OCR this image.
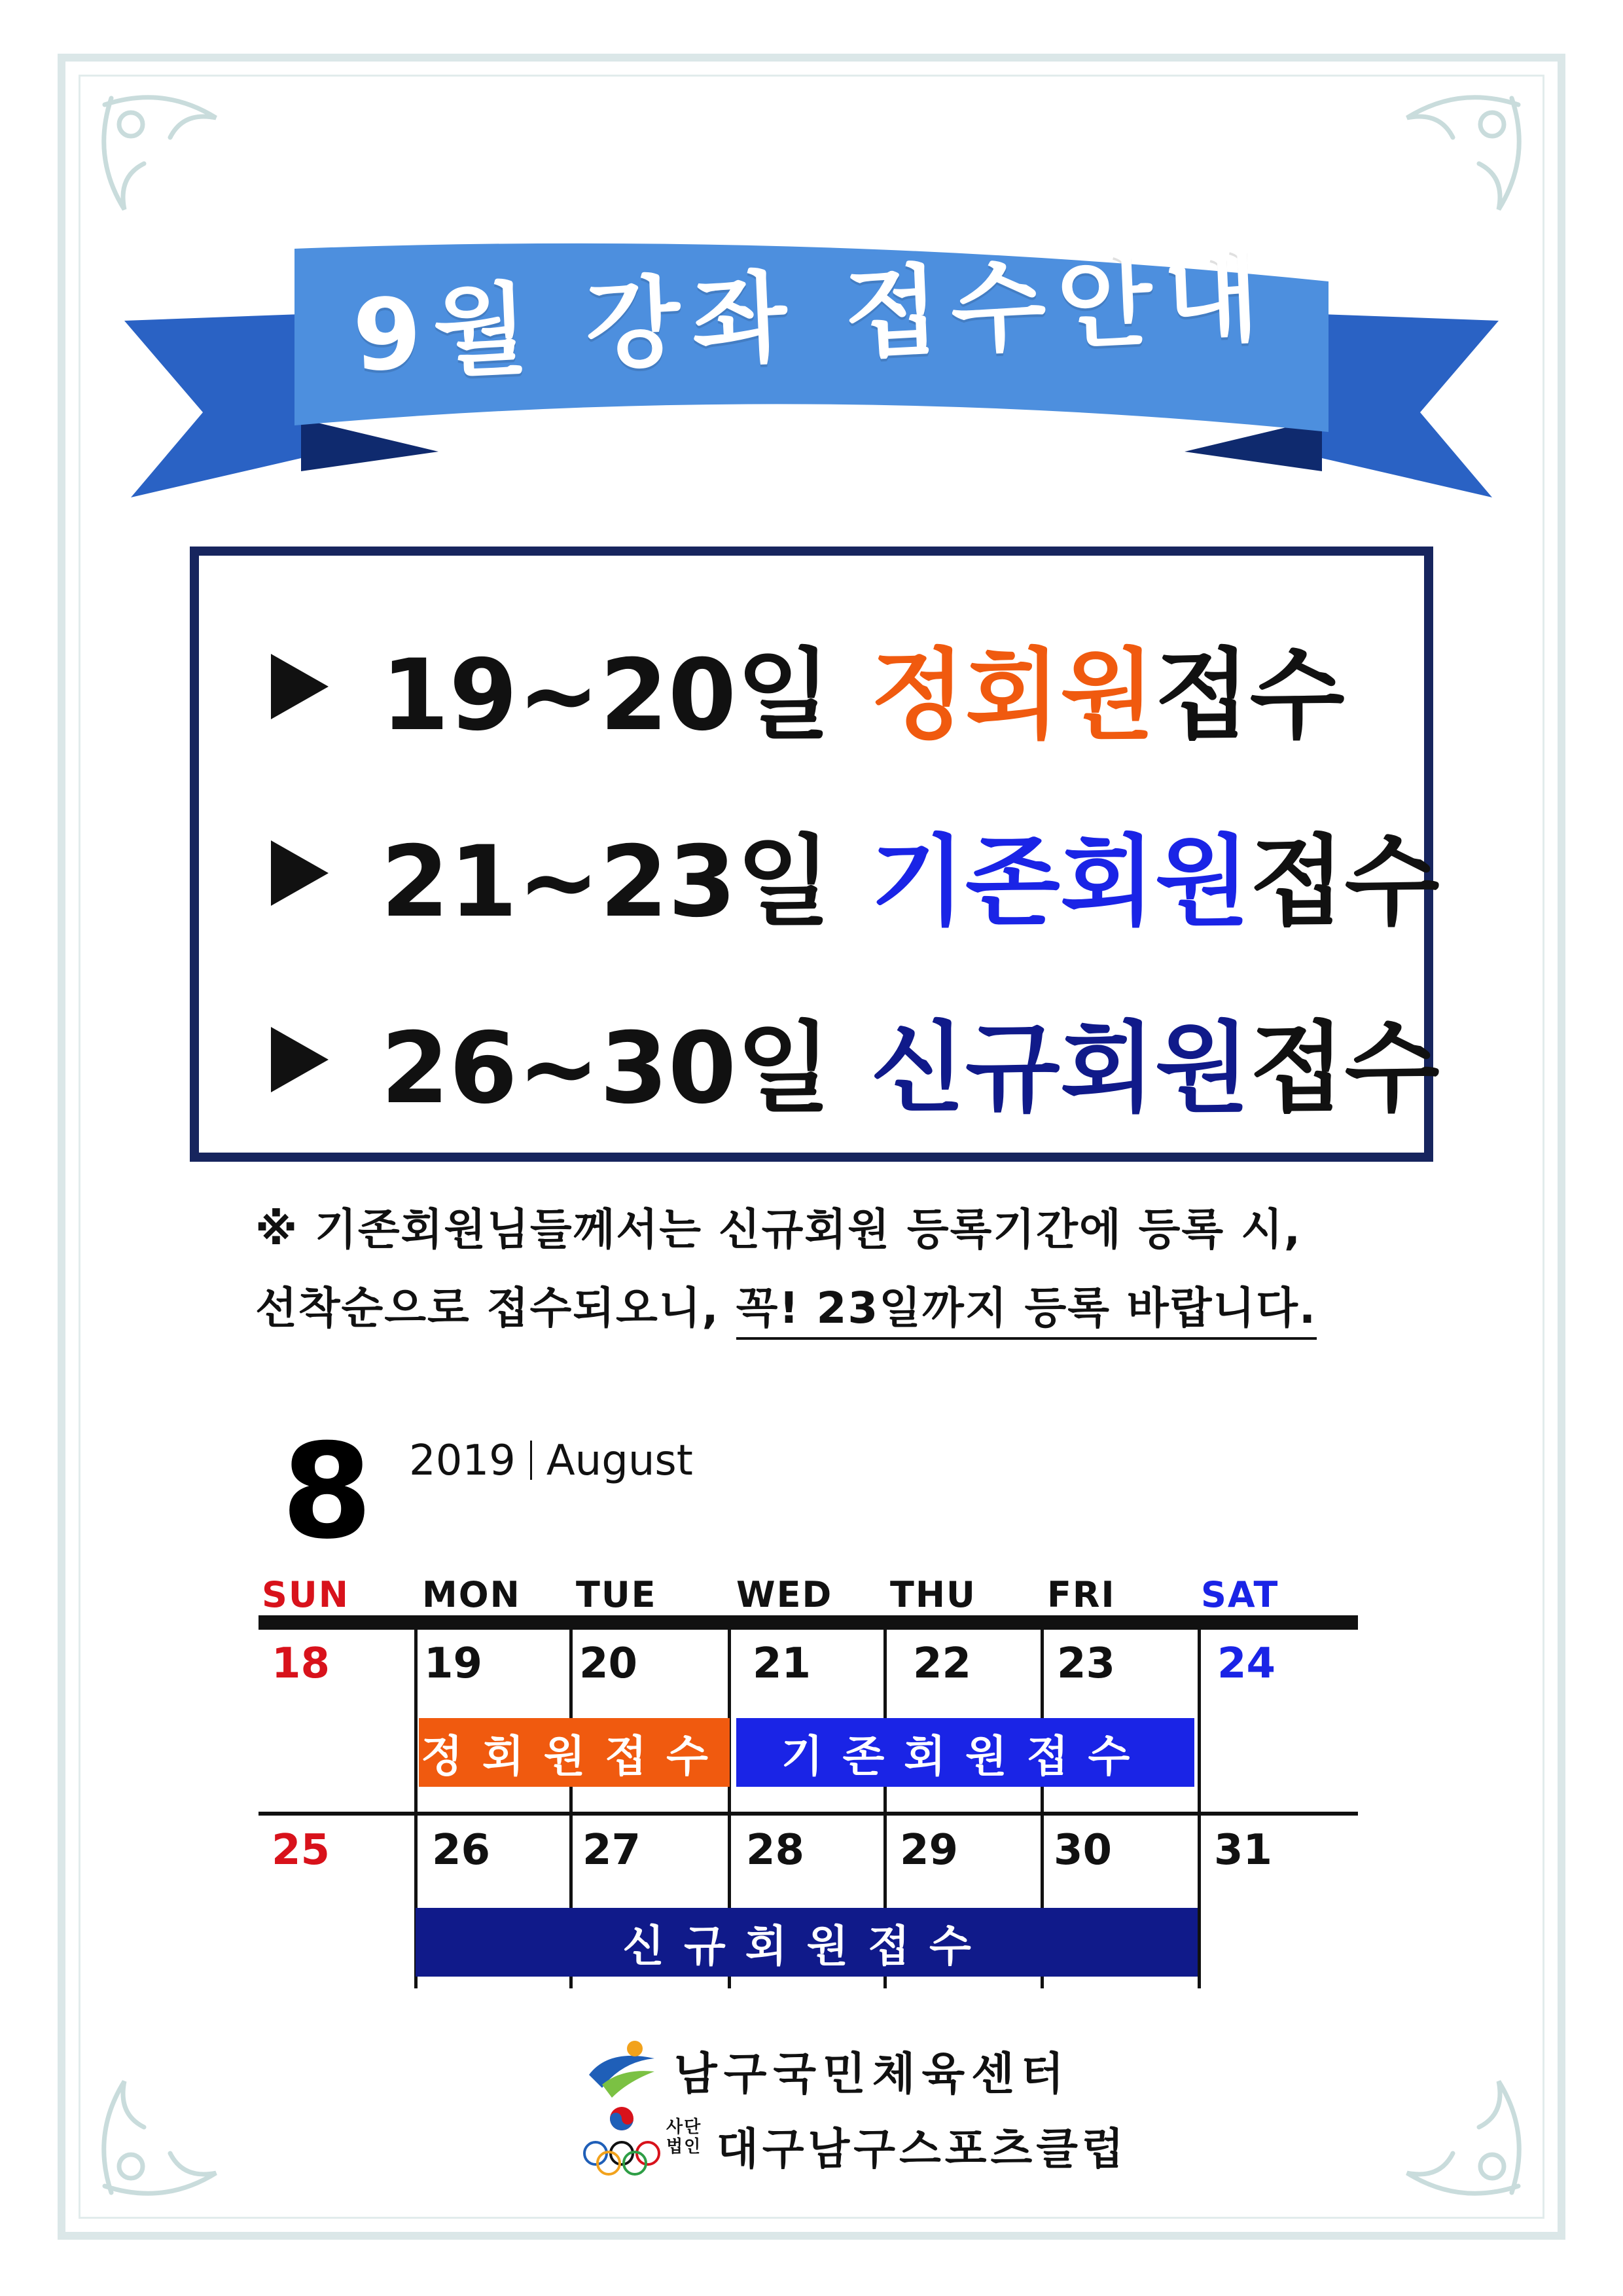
9월 강좌 접수안내
19~20일 정회원 접수
21~23일 기존회원 접수
26~30일 신규회원 접수
※ 기존회원님들께서는 신규회원 등록기간에 등록 시,
선착순으로 접수되오니, 꼭! 23일까지 등록 바랍니다.
8 2019 August
SUN MON TUE WED THU FRI SAT
18 19 20	21 22 23 24
정회원접수	기존회원접수
25 26 27	28 29 30 31
신규회원접수
남구국민체육센터
사단 법인 대구남구스포츠클럽
